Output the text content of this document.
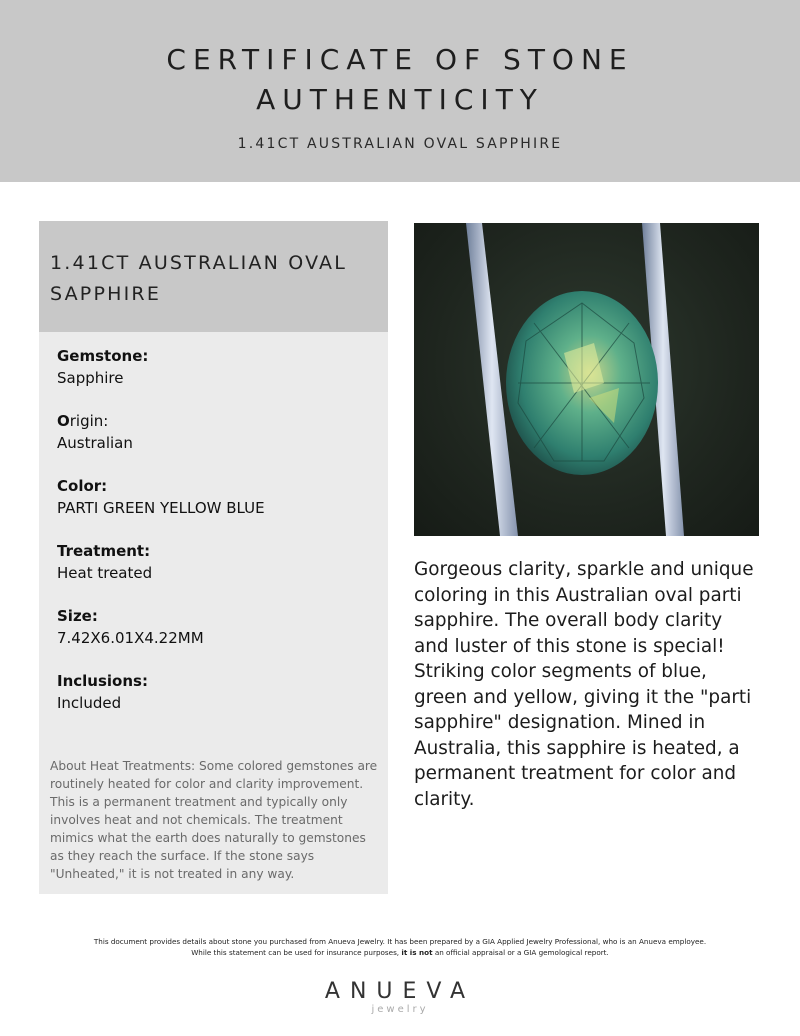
CERTIFICATE OF STONE
AUTHENTICITY
1.41CT AUSTRALIAN OVAL SAPPHIRE
1.41CT AUSTRALIAN OVAL
SAPPHIRE
Gemstone:
Sapphire
Origin:
Australian
Color:
PARTI GREEN YELLOW BLUE
Treatment:
Heat treated
Size:
7.42X6.01X4.22MM
Inclusions:
Included
About Heat Treatments: Some colored gemstones are routinely heated for color and clarity improvement. This is a permanent treatment and typically only involves heat and not chemicals. The treatment mimics what the earth does naturally to gemstones as they reach the surface. If the stone says "Unheated," it is not treated in any way.
Gorgeous clarity, sparkle and unique coloring in this Australian oval parti sapphire. The overall body clarity and luster of this stone is special! Striking color segments of blue, green and yellow, giving it the "parti sapphire" designation. Mined in Australia, this sapphire is heated, a permanent treatment for color and clarity.
This document provides details about stone you purchased from Anueva Jewelry. It has been prepared by a GIA Applied Jewelry Professional, who is an Anueva employee.
While this statement can be used for insurance purposes, it is not an official appraisal or a GIA gemological report.
ANUEVA
jewelry
